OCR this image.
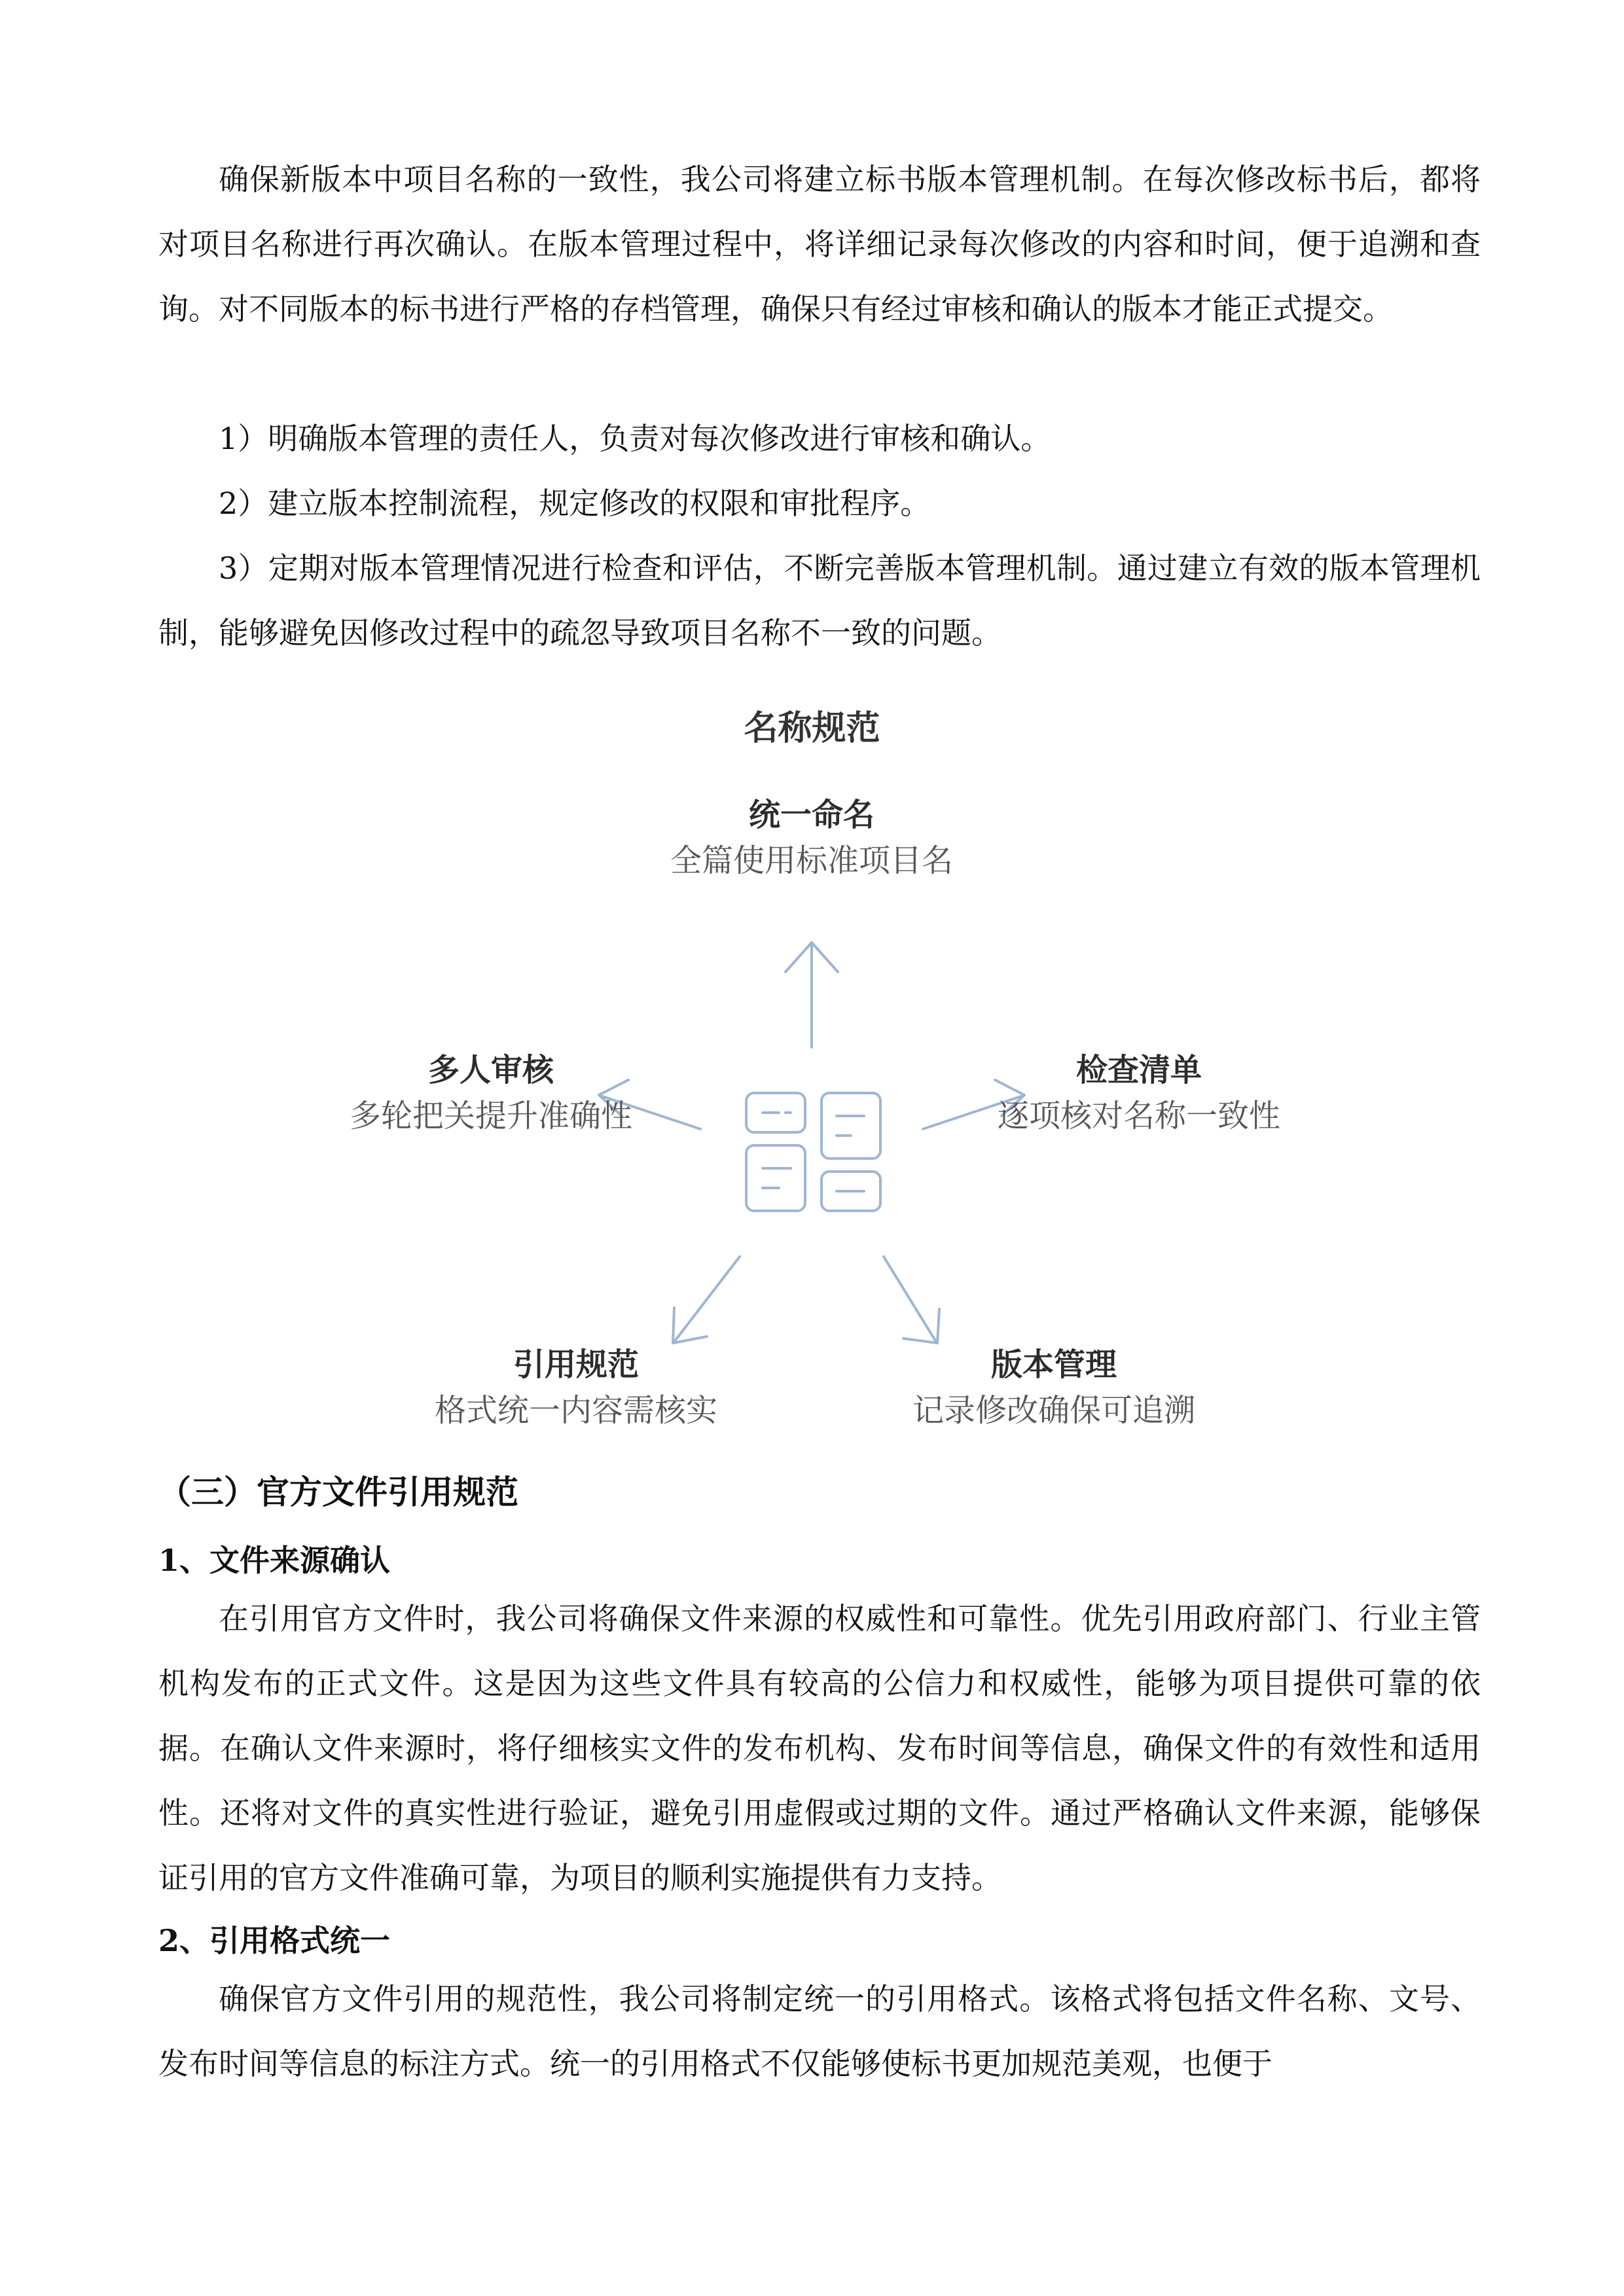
确保新版本中项目名称的一致性，我公司将建立标书版本管理机制。在每次修改标书后，都将对项目名称进行再次确认。在版本管理过程中，将详细记录每次修改的内容和时间，便于追溯和查询。对不同版本的标书进行严格的存档管理，确保只有经过审核和确认的版本才能正式提交。

1）明确版本管理的责任人，负责对每次修改进行审核和确认。

2）建立版本控制流程，规定修改的权限和审批程序。

3）定期对版本管理情况进行检查和评估，不断完善版本管理机制。通过建立有效的版本管理机制，能够避免因修改过程中的疏忽导致项目名称不一致的问题。

名称规范
统一命名
全篇使用标准项目名
多人审核
多轮把关提升准确性
检查清单
逐项核对名称一致性
引用规范
格式统一内容需核实
版本管理
记录修改确保可追溯
（三）官方文件引用规范
1、文件来源确认

在引用官方文件时，我公司将确保文件来源的权威性和可靠性。优先引用政府部门、行业主管机构发布的正式文件。这是因为这些文件具有较高的公信力和权威性，能够为项目提供可靠的依据。在确认文件来源时，将仔细核实文件的发布机构、发布时间等信息，确保文件的有效性和适用性。还将对文件的真实性进行验证，避免引用虚假或过期的文件。通过严格确认文件来源，能够保证引用的官方文件准确可靠，为项目的顺利实施提供有力支持。

2、引用格式统一

确保官方文件引用的规范性，我公司将制定统一的引用格式。该格式将包括文件名称、文号、发布时间等信息的标注方式。统一的引用格式不仅能够使标书更加规范美观，也便于
